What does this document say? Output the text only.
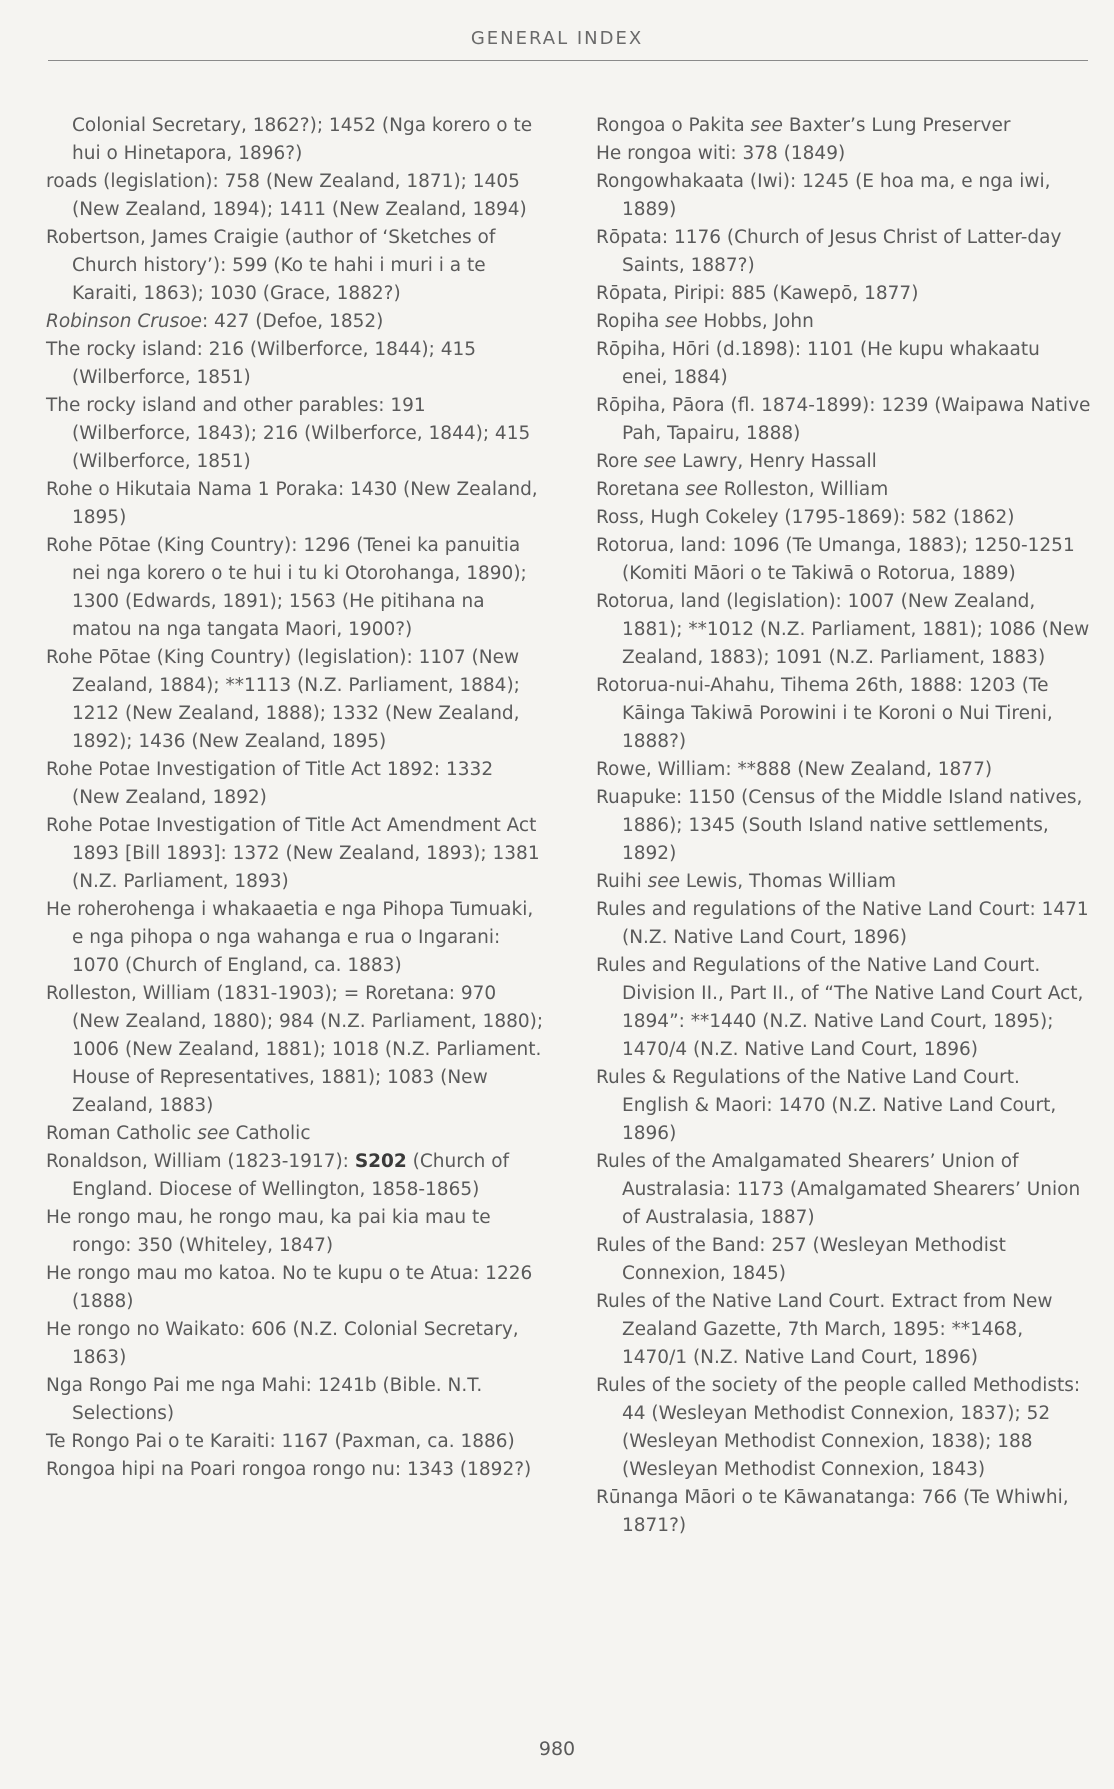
GENERAL INDEX

Colonial Secretary, 1862?); 1452 (Nga korero o te hui o Hinetapora, 1896?)

roads (legislation): 758 (New Zealand, 1871); 1405 (New Zealand, 1894); 1411 (New Zealand, 1894)

Robertson, James Craigie (author of ‘Sketches of Church history’): 599 (Ko te hahi i muri i a te Karaiti, 1863); 1030 (Grace, 1882?)

Robinson Crusoe: 427 (Defoe, 1852)

The rocky island: 216 (Wilberforce, 1844); 415 (Wilberforce, 1851)

The rocky island and other parables: 191 (Wilberforce, 1843); 216 (Wilberforce, 1844); 415 (Wilberforce, 1851)

Rohe o Hikutaia Nama 1 Poraka: 1430 (New Zealand, 1895)

Rohe Pōtae (King Country): 1296 (Tenei ka panuitia nei nga korero o te hui i tu ki Otorohanga, 1890); 1300 (Edwards, 1891); 1563 (He pitihana na matou na nga tangata Maori, 1900?)

Rohe Pōtae (King Country) (legislation): 1107 (New Zealand, 1884); **1113 (N.Z. Parliament, 1884); 1212 (New Zealand, 1888); 1332 (New Zealand, 1892); 1436 (New Zealand, 1895)

Rohe Potae Investigation of Title Act 1892: 1332 (New Zealand, 1892)

Rohe Potae Investigation of Title Act Amendment Act 1893 [Bill 1893]: 1372 (New Zealand, 1893); 1381 (N.Z. Parliament, 1893)

He roherohenga i whakaaetia e nga Pihopa Tumuaki, e nga pihopa o nga wahanga e rua o Ingarani: 1070 (Church of England, ca. 1883)

Rolleston, William (1831-1903); = Roretana: 970 (New Zealand, 1880); 984 (N.Z. Parliament, 1880); 1006 (New Zealand, 1881); 1018 (N.Z. Parliament. House of Representatives, 1881); 1083 (New Zealand, 1883)

Roman Catholic see Catholic

Ronaldson, William (1823-1917): S202 (Church of England. Diocese of Wellington, 1858-1865)

He rongo mau, he rongo mau, ka pai kia mau te rongo: 350 (Whiteley, 1847)

He rongo mau mo katoa. No te kupu o te Atua: 1226 (1888)

He rongo no Waikato: 606 (N.Z. Colonial Secretary, 1863)

Nga Rongo Pai me nga Mahi: 1241b (Bible. N.T. Selections)

Te Rongo Pai o te Karaiti: 1167 (Paxman, ca. 1886)

Rongoa hipi na Poari rongoa rongo nu: 1343 (1892?)

Rongoa o Pakita see Baxter’s Lung Preserver

He rongoa witi: 378 (1849)

Rongowhakaata (Iwi): 1245 (E hoa ma, e nga iwi, 1889)

Rōpata: 1176 (Church of Jesus Christ of Latter-day Saints, 1887?)

Rōpata, Piripi: 885 (Kawepō, 1877)

Ropiha see Hobbs, John

Rōpiha, Hōri (d.1898): 1101 (He kupu whakaatu enei, 1884)

Rōpiha, Pāora (fl. 1874-1899): 1239 (Waipawa Native Pah, Tapairu, 1888)

Rore see Lawry, Henry Hassall

Roretana see Rolleston, William

Ross, Hugh Cokeley (1795-1869): 582 (1862)

Rotorua, land: 1096 (Te Umanga, 1883); 1250-1251 (Komiti Māori o te Takiwā o Rotorua, 1889)

Rotorua, land (legislation): 1007 (New Zealand, 1881); **1012 (N.Z. Parliament, 1881); 1086 (New Zealand, 1883); 1091 (N.Z. Parliament, 1883)

Rotorua-nui-Ahahu, Tihema 26th, 1888: 1203 (Te Kāinga Takiwā Porowini i te Koroni o Nui Tireni, 1888?)

Rowe, William: **888 (New Zealand, 1877)

Ruapuke: 1150 (Census of the Middle Island natives, 1886); 1345 (South Island native settlements, 1892)

Ruihi see Lewis, Thomas William

Rules and regulations of the Native Land Court: 1471 (N.Z. Native Land Court, 1896)

Rules and Regulations of the Native Land Court. Division II., Part II., of “The Native Land Court Act, 1894”: **1440 (N.Z. Native Land Court, 1895); 1470/4 (N.Z. Native Land Court, 1896)

Rules & Regulations of the Native Land Court. English & Maori: 1470 (N.Z. Native Land Court, 1896)

Rules of the Amalgamated Shearers’ Union of Australasia: 1173 (Amalgamated Shearers’ Union of Australasia, 1887)

Rules of the Band: 257 (Wesleyan Methodist Connexion, 1845)

Rules of the Native Land Court. Extract from New Zealand Gazette, 7th March, 1895: **1468, 1470/1 (N.Z. Native Land Court, 1896)

Rules of the society of the people called Methodists: 44 (Wesleyan Methodist Connexion, 1837); 52 (Wesleyan Methodist Connexion, 1838); 188 (Wesleyan Methodist Connexion, 1843)

Rūnanga Māori o te Kāwanatanga: 766 (Te Whiwhi, 1871?)

980
